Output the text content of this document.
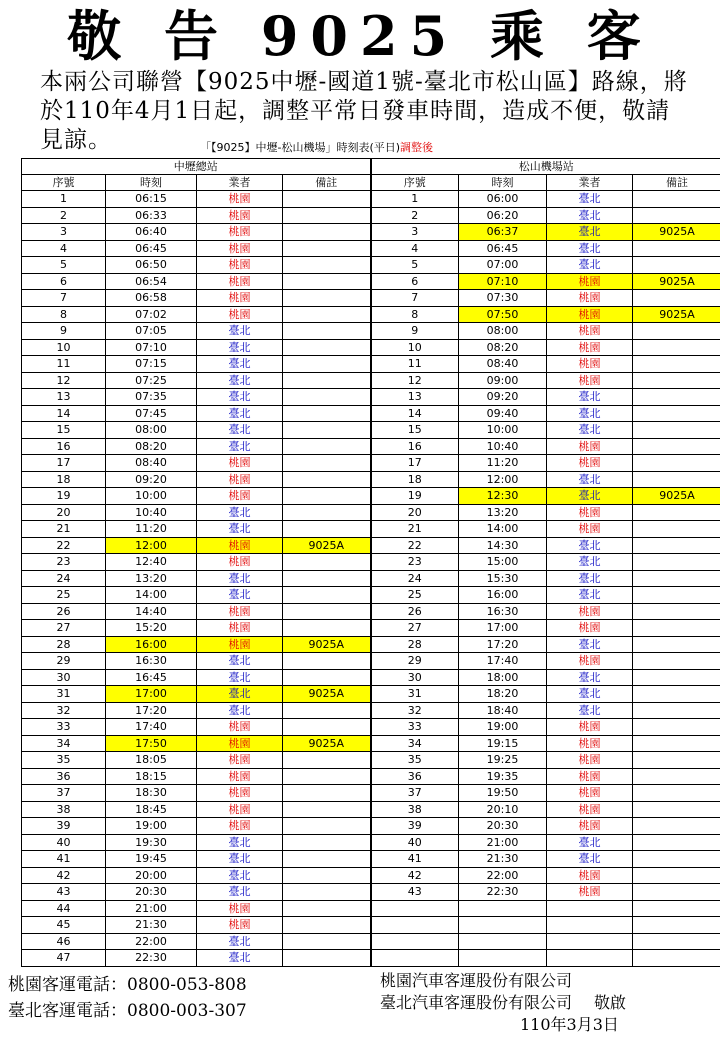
敬 告 9025 乘 客
本兩公司聯營【9025中壢-國道1號-臺北市松山區】路線，將於110年4月1日起，調整平常日發車時間，造成不便，敬請 見諒。	「【9025】中壢-松山機場」時刻表(平日)調整後
中壢總站				松山機場站			
序號	時刻	業者	備註	序號	時刻	業者	備註
1	06:15	桃園		1	06:00	臺北	
2	06:33	桃園		2	06:20	臺北	
3	06:40	桃園		3	06:37	臺北	9025A
4	06:45	桃園		4	06:45	臺北	
5	06:50	桃園		5	07:00	臺北	
6	06:54	桃園		6	07:10	桃園	9025A
7	06:58	桃園		7	07:30	桃園	
8	07:02	桃園		8	07:50	桃園	9025A
9	07:05	臺北		9	08:00	桃園	
10	07:10	臺北		10	08:20	桃園	
11	07:15	臺北		11	08:40	桃園	
12	07:25	臺北		12	09:00	桃園	
13	07:35	臺北		13	09:20	臺北	
14	07:45	臺北		14	09:40	臺北	
15	08:00	臺北		15	10:00	臺北	
16	08:20	臺北		16	10:40	桃園	
17	08:40	桃園		17	11:20	桃園	
18	09:20	桃園		18	12:00	臺北	
19	10:00	桃園		19	12:30	臺北	9025A
20	10:40	臺北		20	13:20	桃園	
21	11:20	臺北		21	14:00	桃園	
22	12:00	桃園	9025A	22	14:30	臺北	
23	12:40	桃園		23	15:00	臺北	
24	13:20	臺北		24	15:30	臺北	
25	14:00	臺北		25	16:00	臺北	
26	14:40	桃園		26	16:30	桃園	
27	15:20	桃園		27	17:00	桃園	
28	16:00	桃園	9025A	28	17:20	臺北	
29	16:30	臺北		29	17:40	桃園	
30	16:45	臺北		30	18:00	臺北	
31	17:00	臺北	9025A	31	18:20	臺北	
32	17:20	臺北		32	18:40	臺北	
33	17:40	桃園		33	19:00	桃園	
34	17:50	桃園	9025A	34	19:15	桃園	
35	18:05	桃園		35	19:25	桃園	
36	18:15	桃園		36	19:35	桃園	
37	18:30	桃園		37	19:50	桃園	
38	18:45	桃園		38	20:10	桃園	
39	19:00	桃園		39	20:30	桃園	
40	19:30	臺北		40	21:00	臺北	
41	19:45	臺北		41	21:30	臺北	
42	20:00	臺北		42	22:00	桃園	
43	20:30	臺北		43	22:30	桃園	
44	21:00	桃園					
45	21:30	桃園					
46	22:00	臺北					
47	22:30	臺北					
桃園客運電話：0800-053-808
臺北客運電話：0800-003-307
桃園汽車客運股份有限公司
臺北汽車客運股份有限公司 敬啟
110年3月3日
